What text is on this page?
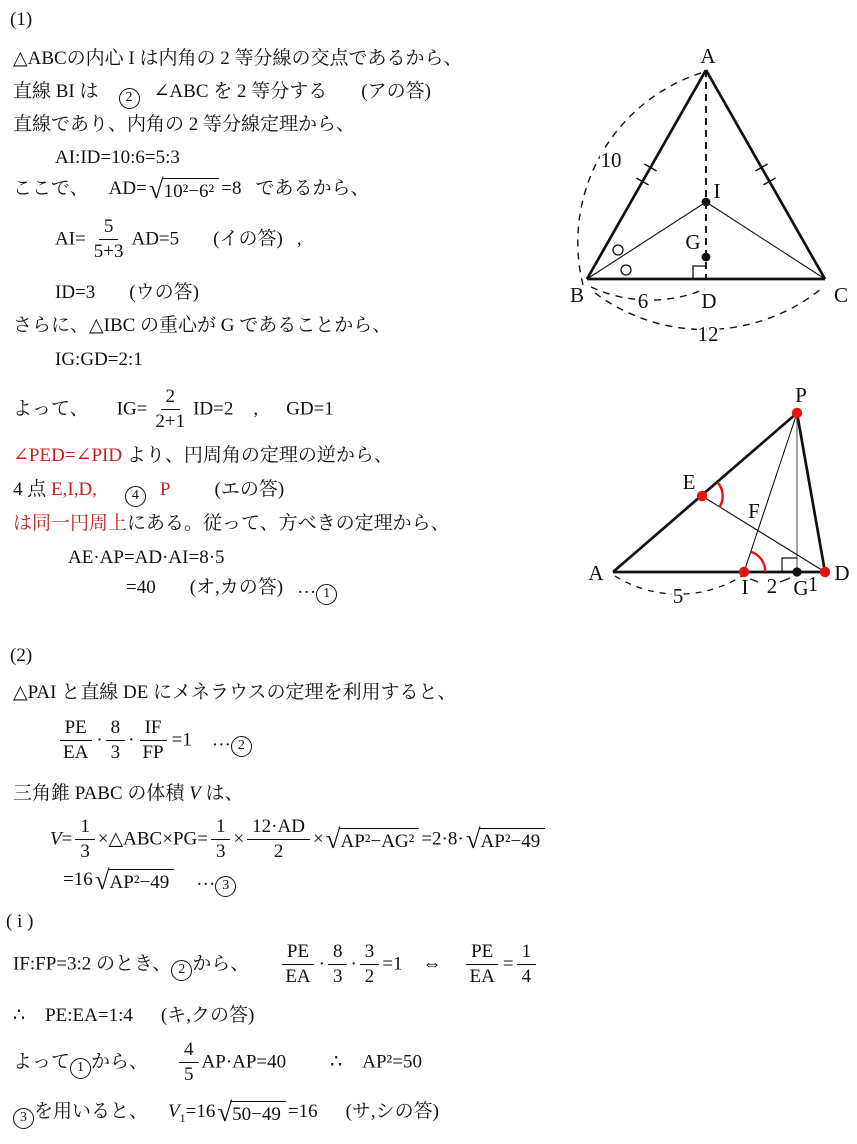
(1)
△ABCの内心 I は内角の 2 等分線の交点であるから、
直線 BI は 2 ∠ABC を 2 等分する (アの答)
直線であり、内角の 2 等分線定理から、
AI:ID=10:6=5:3
ここで、 AD= √ 10²−6² =8 であるから、
$AI= \frac{5}{5+3} AD=5$ (イの答) ,
ID=3 (ウの答)
さらに、△IBC の重心が G であることから、
IG:GD=2:1
よって、 $IG= \frac{2}{2+1} ID=2$ , GD=1
∠PED=∠PID より、円周角の定理の逆から、
4 点 E,I,D,	4 P (エの答)
は同一円周上にある。従って、方べきの定理から、
AE·AP=AD·AI=8·5
=40 (オ,カの答) … 1
(2)
△PAI と直線 DE にメネラウスの定理を利用すると、
$\frac{PE}{EA} \cdot \frac{8}{3} \cdot \frac{IF}{FP} =1$ … 2
三角錐 PABC の体積 V は、
$V= \frac{1}{3}$ ×△ABC×PG= $\frac{1}{3} \times \frac{12\cdot AD}{2}$ × √ AP²−AG² =2·8· √ AP²−49
=16 √ AP²−49 … 3
( i )
IF:FP=3:2 のとき、 2 から、 $\frac{PE}{EA} \cdot \frac{8}{3} \cdot \frac{3}{2} =1$ ⇔ $\frac{PE}{EA} = \frac{1}{4}$
∴ PE:EA=1:4 (キ,クの答)
よって 1 から、 $\frac{4}{5} AP\cdot AP=40$ ∴ AP²=50
3 を用いると、 $V_1=16$ √ 50−49 =16 (サ,シの答)
A
B	C
D
I
G
10
6
12
P
A	D
E
F
I G
5	2 1
